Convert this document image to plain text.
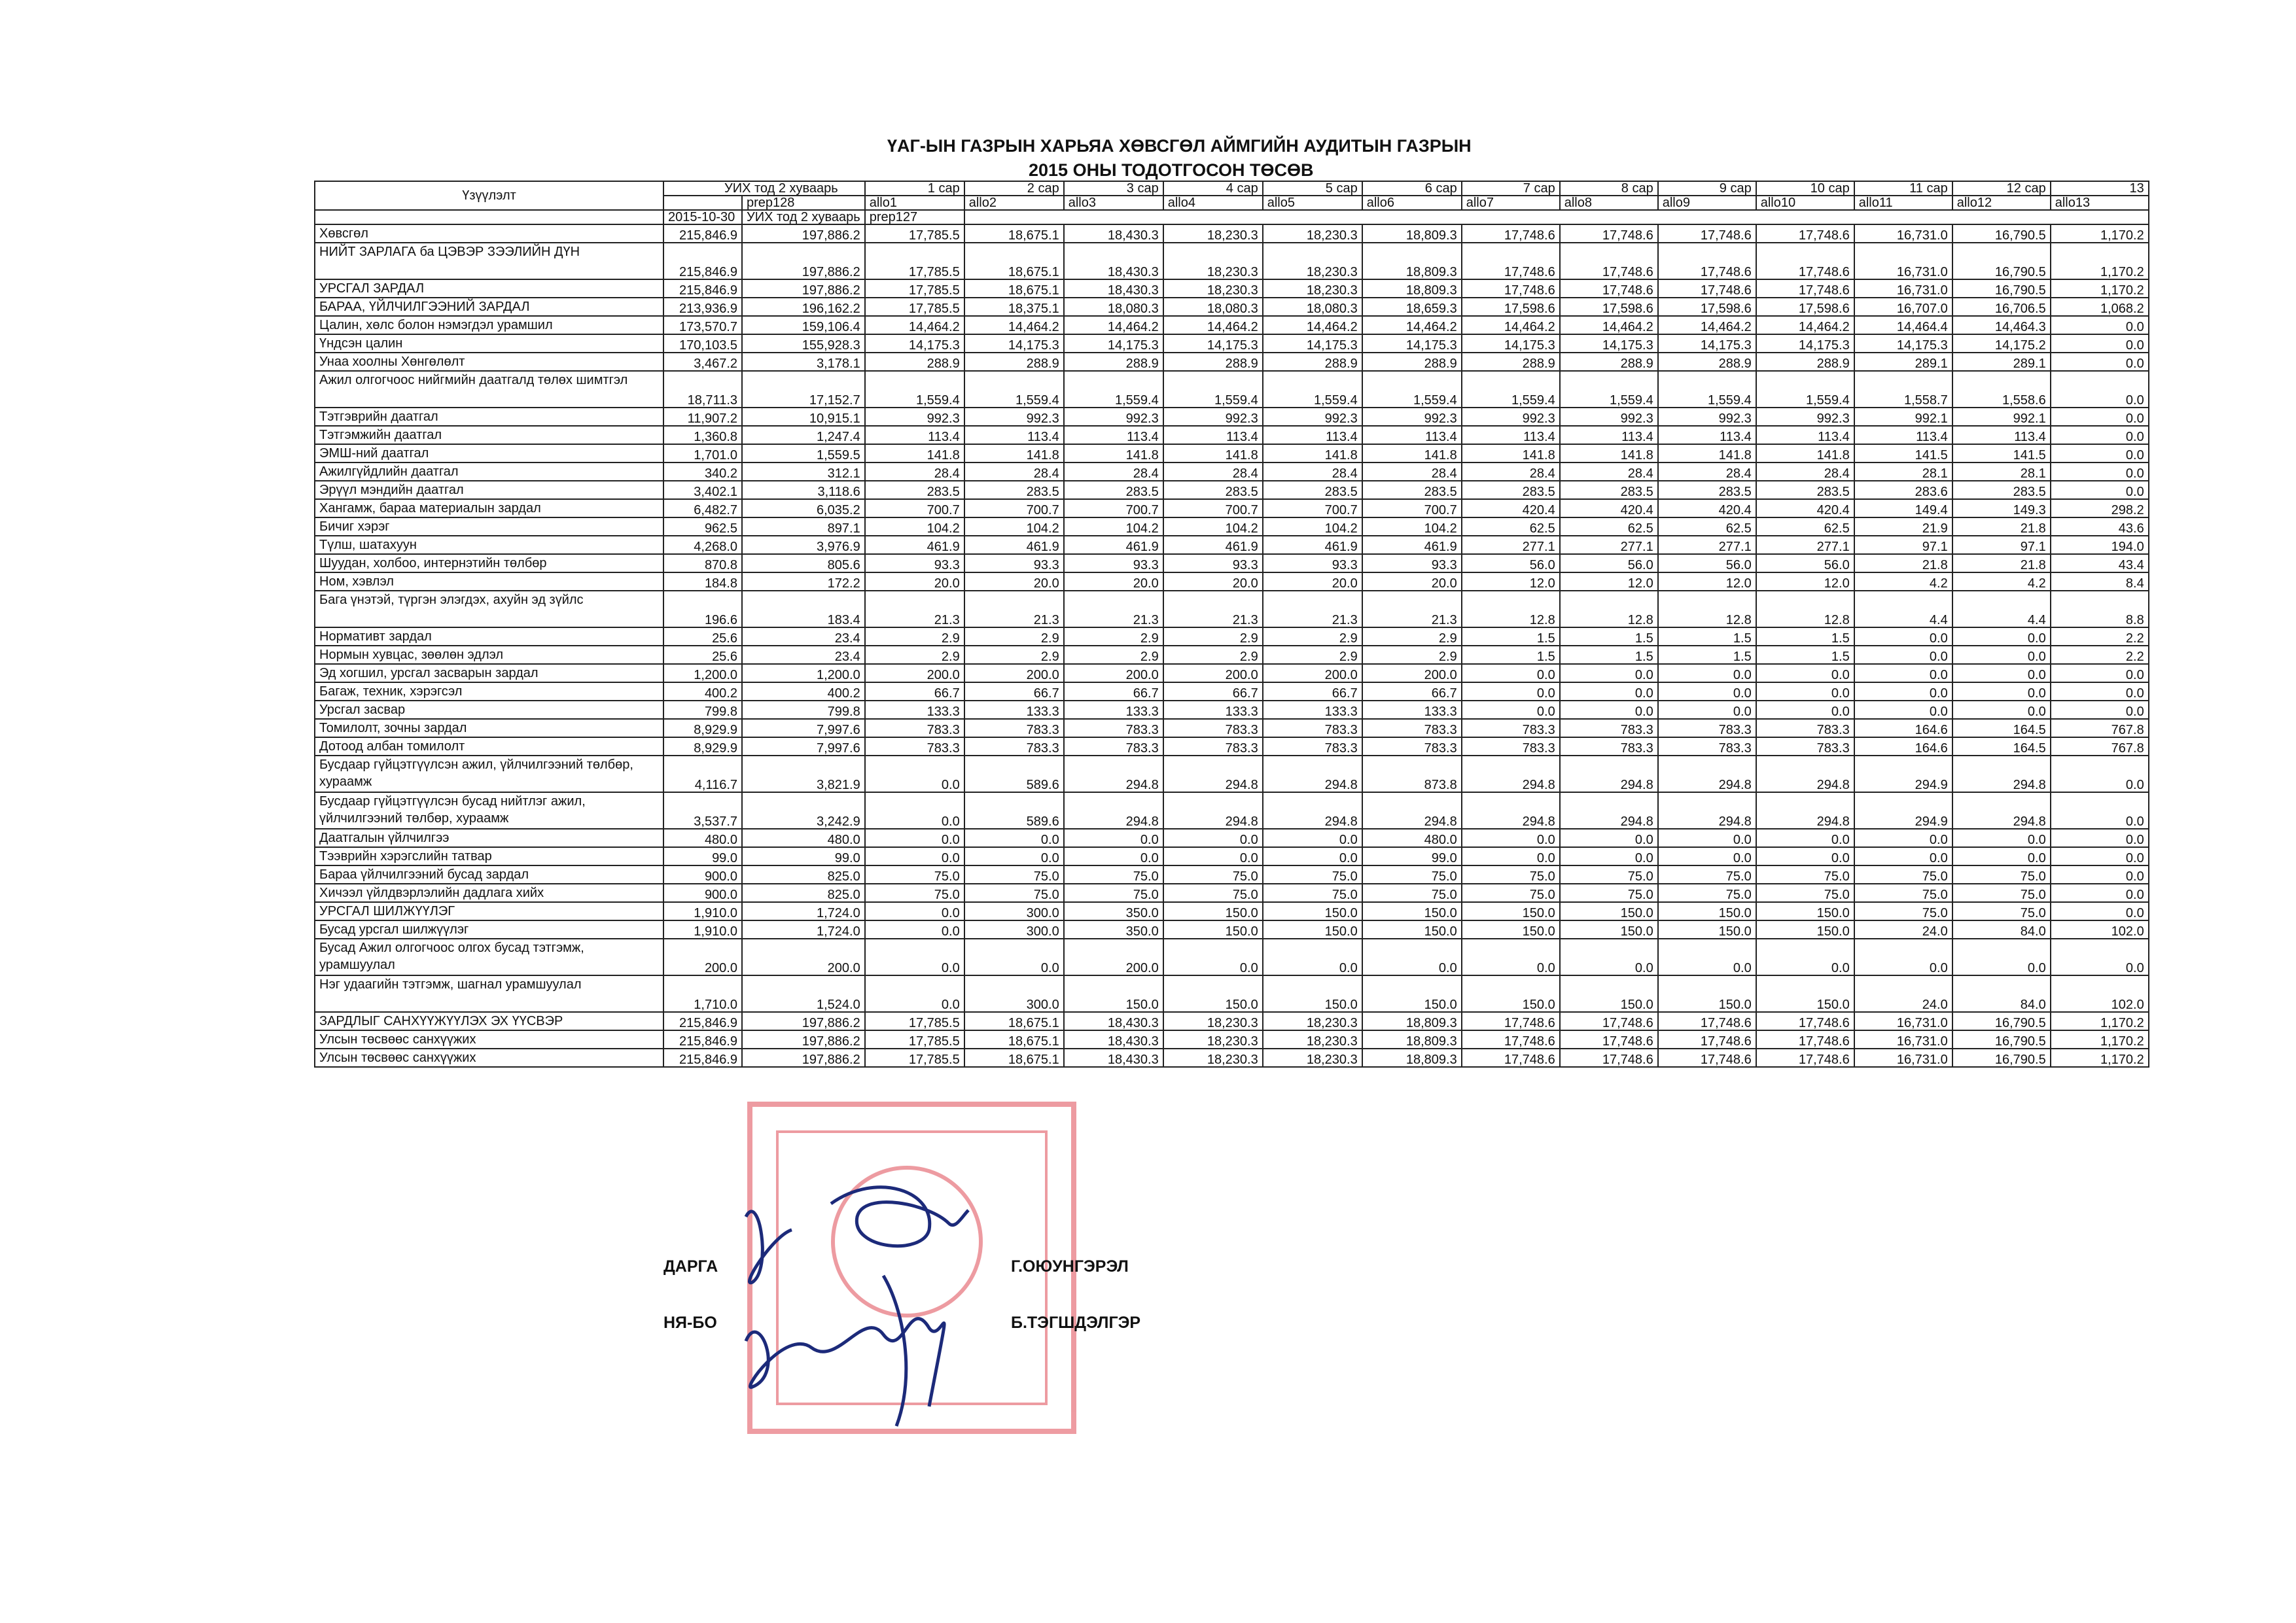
ҮАГ-ЫН ГАЗРЫН ХАРЬЯА ХӨВСГӨЛ АЙМГИЙН АУДИТЫН ГАЗРЫН
2015 ОНЫ ТОДОТГОСОН ТӨСӨВ
Үзүүлэлт	УИХ тод 2 хуваарь		1 сар	2 сар	3 сар	4 сар	5 сар	6 сар	7 сар	8 сар	9 сар	10 сар	11 сар	12 сар	13
		prep128	allo1	allo2	allo3	allo4	allo5	allo6	allo7	allo8	allo9	allo10	allo11	allo12	allo13
	2015-10-30	УИХ тод 2 хуваарь	prep127												
Хөвсгөл	215,846.9	197,886.2	17,785.5	18,675.1	18,430.3	18,230.3	18,230.3	18,809.3	17,748.6	17,748.6	17,748.6	17,748.6	16,731.0	16,790.5	1,170.2
НИЙТ ЗАРЛАГА ба ЦЭВЭР ЗЭЭЛИЙН ДҮН	215,846.9	197,886.2	17,785.5	18,675.1	18,430.3	18,230.3	18,230.3	18,809.3	17,748.6	17,748.6	17,748.6	17,748.6	16,731.0	16,790.5	1,170.2
УРСГАЛ ЗАРДАЛ	215,846.9	197,886.2	17,785.5	18,675.1	18,430.3	18,230.3	18,230.3	18,809.3	17,748.6	17,748.6	17,748.6	17,748.6	16,731.0	16,790.5	1,170.2
БАРАА, ҮЙЛЧИЛГЭЭНИЙ ЗАРДАЛ	213,936.9	196,162.2	17,785.5	18,375.1	18,080.3	18,080.3	18,080.3	18,659.3	17,598.6	17,598.6	17,598.6	17,598.6	16,707.0	16,706.5	1,068.2
Цалин, хөлс болон нэмэгдэл урамшил	173,570.7	159,106.4	14,464.2	14,464.2	14,464.2	14,464.2	14,464.2	14,464.2	14,464.2	14,464.2	14,464.2	14,464.2	14,464.4	14,464.3	0.0
Үндсэн цалин	170,103.5	155,928.3	14,175.3	14,175.3	14,175.3	14,175.3	14,175.3	14,175.3	14,175.3	14,175.3	14,175.3	14,175.3	14,175.3	14,175.2	0.0
Унаа хоолны Хөнгөлөлт	3,467.2	3,178.1	288.9	288.9	288.9	288.9	288.9	288.9	288.9	288.9	288.9	288.9	289.1	289.1	0.0
Ажил олгогчоос нийгмийн даатгалд төлөх шимтгэл	18,711.3	17,152.7	1,559.4	1,559.4	1,559.4	1,559.4	1,559.4	1,559.4	1,559.4	1,559.4	1,559.4	1,559.4	1,558.7	1,558.6	0.0
Тэтгэврийн даатгал	11,907.2	10,915.1	992.3	992.3	992.3	992.3	992.3	992.3	992.3	992.3	992.3	992.3	992.1	992.1	0.0
Тэтгэмжийн даатгал	1,360.8	1,247.4	113.4	113.4	113.4	113.4	113.4	113.4	113.4	113.4	113.4	113.4	113.4	113.4	0.0
ЭМШ-ний даатгал	1,701.0	1,559.5	141.8	141.8	141.8	141.8	141.8	141.8	141.8	141.8	141.8	141.8	141.5	141.5	0.0
Ажилгүйдлийн даатгал	340.2	312.1	28.4	28.4	28.4	28.4	28.4	28.4	28.4	28.4	28.4	28.4	28.1	28.1	0.0
Эрүүл мэндийн даатгал	3,402.1	3,118.6	283.5	283.5	283.5	283.5	283.5	283.5	283.5	283.5	283.5	283.5	283.6	283.5	0.0
Хангамж, бараа материалын зардал	6,482.7	6,035.2	700.7	700.7	700.7	700.7	700.7	700.7	420.4	420.4	420.4	420.4	149.4	149.3	298.2
Бичиг хэрэг	962.5	897.1	104.2	104.2	104.2	104.2	104.2	104.2	62.5	62.5	62.5	62.5	21.9	21.8	43.6
Түлш, шатахуун	4,268.0	3,976.9	461.9	461.9	461.9	461.9	461.9	461.9	277.1	277.1	277.1	277.1	97.1	97.1	194.0
Шуудан, холбоо, интернэтийн төлбөр	870.8	805.6	93.3	93.3	93.3	93.3	93.3	93.3	56.0	56.0	56.0	56.0	21.8	21.8	43.4
Ном, хэвлэл	184.8	172.2	20.0	20.0	20.0	20.0	20.0	20.0	12.0	12.0	12.0	12.0	4.2	4.2	8.4
Бага үнэтэй, түргэн элэгдэх, ахуйн эд зүйлс	196.6	183.4	21.3	21.3	21.3	21.3	21.3	21.3	12.8	12.8	12.8	12.8	4.4	4.4	8.8
Нормативт зардал	25.6	23.4	2.9	2.9	2.9	2.9	2.9	2.9	1.5	1.5	1.5	1.5	0.0	0.0	2.2
Нормын хувцас, зөөлөн эдлэл	25.6	23.4	2.9	2.9	2.9	2.9	2.9	2.9	1.5	1.5	1.5	1.5	0.0	0.0	2.2
Эд хогшил, урсгал засварын зардал	1,200.0	1,200.0	200.0	200.0	200.0	200.0	200.0	200.0	0.0	0.0	0.0	0.0	0.0	0.0	0.0
Багаж, техник, хэрэгсэл	400.2	400.2	66.7	66.7	66.7	66.7	66.7	66.7	0.0	0.0	0.0	0.0	0.0	0.0	0.0
Урсгал засвар	799.8	799.8	133.3	133.3	133.3	133.3	133.3	133.3	0.0	0.0	0.0	0.0	0.0	0.0	0.0
Томилолт, зочны зардал	8,929.9	7,997.6	783.3	783.3	783.3	783.3	783.3	783.3	783.3	783.3	783.3	783.3	164.6	164.5	767.8
Дотоод албан томилолт	8,929.9	7,997.6	783.3	783.3	783.3	783.3	783.3	783.3	783.3	783.3	783.3	783.3	164.6	164.5	767.8
Бусдаар гүйцэтгүүлсэн ажил, үйлчилгээний төлбөр, хураамж	4,116.7	3,821.9	0.0	589.6	294.8	294.8	294.8	873.8	294.8	294.8	294.8	294.8	294.9	294.8	0.0
Бусдаар гүйцэтгүүлсэн бусад нийтлэг ажил, үйлчилгээний төлбөр, хураамж	3,537.7	3,242.9	0.0	589.6	294.8	294.8	294.8	294.8	294.8	294.8	294.8	294.8	294.9	294.8	0.0
Даатгалын үйлчилгээ	480.0	480.0	0.0	0.0	0.0	0.0	0.0	480.0	0.0	0.0	0.0	0.0	0.0	0.0	0.0
Тээврийн хэрэгслийн татвар	99.0	99.0	0.0	0.0	0.0	0.0	0.0	99.0	0.0	0.0	0.0	0.0	0.0	0.0	0.0
Бараа үйлчилгээний бусад зардал	900.0	825.0	75.0	75.0	75.0	75.0	75.0	75.0	75.0	75.0	75.0	75.0	75.0	75.0	0.0
Хичээл үйлдвэрлэлийн дадлага хийх	900.0	825.0	75.0	75.0	75.0	75.0	75.0	75.0	75.0	75.0	75.0	75.0	75.0	75.0	0.0
УРСГАЛ ШИЛЖҮҮЛЭГ	1,910.0	1,724.0	0.0	300.0	350.0	150.0	150.0	150.0	150.0	150.0	150.0	150.0	75.0	75.0	0.0
Бусад урсгал шилжүүлэг	1,910.0	1,724.0	0.0	300.0	350.0	150.0	150.0	150.0	150.0	150.0	150.0	150.0	24.0	84.0	102.0
Бусад Ажил олгогчоос олгох бусад тэтгэмж, урамшуулал	200.0	200.0	0.0	0.0	200.0	0.0	0.0	0.0	0.0	0.0	0.0	0.0	0.0	0.0	0.0
Нэг удаагийн тэтгэмж, шагнал урамшуулал	1,710.0	1,524.0	0.0	300.0	150.0	150.0	150.0	150.0	150.0	150.0	150.0	150.0	24.0	84.0	102.0
ЗАРДЛЫГ САНХҮҮЖҮҮЛЭХ ЭХ ҮҮСВЭР	215,846.9	197,886.2	17,785.5	18,675.1	18,430.3	18,230.3	18,230.3	18,809.3	17,748.6	17,748.6	17,748.6	17,748.6	16,731.0	16,790.5	1,170.2
Улсын төсвөөс санхүүжих	215,846.9	197,886.2	17,785.5	18,675.1	18,430.3	18,230.3	18,230.3	18,809.3	17,748.6	17,748.6	17,748.6	17,748.6	16,731.0	16,790.5	1,170.2
Улсын төсвөөс санхүүжих	215,846.9	197,886.2	17,785.5	18,675.1	18,430.3	18,230.3	18,230.3	18,809.3	17,748.6	17,748.6	17,748.6	17,748.6	16,731.0	16,790.5	1,170.2
ДАРГА	Г.ОЮУНГЭРЭЛ
НЯ-БО	Б.ТЭГШДЭЛГЭР
